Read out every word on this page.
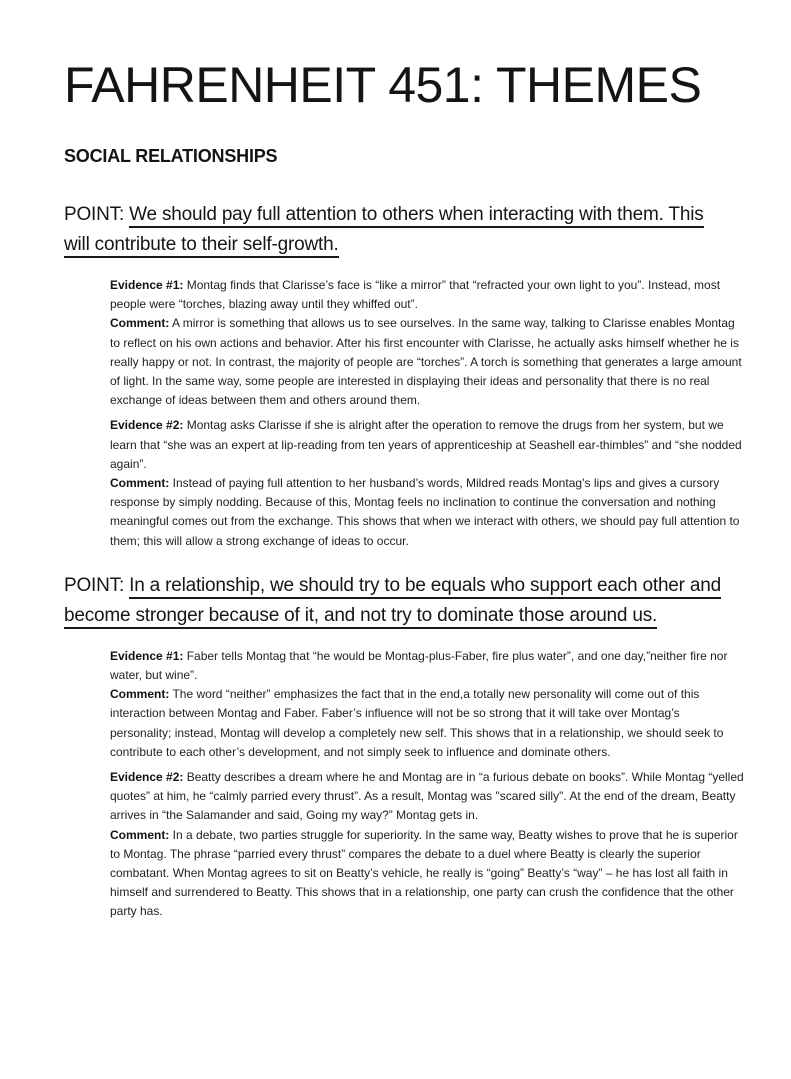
FAHRENHEIT 451: THEMES
SOCIAL RELATIONSHIPS

POINT: We should pay full attention to others when interacting with them. This will contribute to their self-growth.

Evidence #1: Montag finds that Clarisse’s face is “like a mirror” that “refracted your own light to you”. Instead, most people were “torches, blazing away until they whiffed out”.

Comment: A mirror is something that allows us to see ourselves. In the same way, talking to Clarisse enables Montag to reflect on his own actions and behavior. After his first encounter with Clarisse, he actually asks himself whether he is really happy or not. In contrast, the majority of people are “torches”. A torch is something that generates a large amount of light. In the same way, some people are interested in displaying their ideas and personality that there is no real exchange of ideas between them and others around them.

Evidence #2: Montag asks Clarisse if she is alright after the operation to remove the drugs from her system, but we learn that “she was an expert at lip-reading from ten years of apprenticeship at Seashell ear-thimbles” and “she nodded again”.

Comment: Instead of paying full attention to her husband’s words, Mildred reads Montag’s lips and gives a cursory response by simply nodding. Because of this, Montag feels no inclination to continue the conversation and nothing meaningful comes out from the exchange. This shows that when we interact with others, we should pay full attention to them; this will allow a strong exchange of ideas to occur.

POINT: In a relationship, we should try to be equals who support each other and become stronger because of it, and not try to dominate those around us.

Evidence #1: Faber tells Montag that “he would be Montag-plus-Faber, fire plus water”, and one day,”neither fire nor water, but wine”.

Comment: The word “neither” emphasizes the fact that in the end,a totally new personality will come out of this interaction between Montag and Faber. Faber’s influence will not be so strong that it will take over Montag’s personality; instead, Montag will develop a completely new self. This shows that in a relationship, we should seek to contribute to each other’s development, and not simply seek to influence and dominate others.

Evidence #2: Beatty describes a dream where he and Montag are in “a furious debate on books”. While Montag “yelled quotes” at him, he “calmly parried every thrust”. As a result, Montag was "scared silly". At the end of the dream, Beatty arrives in “the Salamander and said, Going my way?” Montag gets in.

Comment: In a debate, two parties struggle for superiority. In the same way, Beatty wishes to prove that he is superior to Montag. The phrase “parried every thrust” compares the debate to a duel where Beatty is clearly the superior combatant. When Montag agrees to sit on Beatty’s vehicle, he really is “going” Beatty’s “way” – he has lost all faith in himself and surrendered to Beatty. This shows that in a relationship, one party can crush the confidence that the other party has.
